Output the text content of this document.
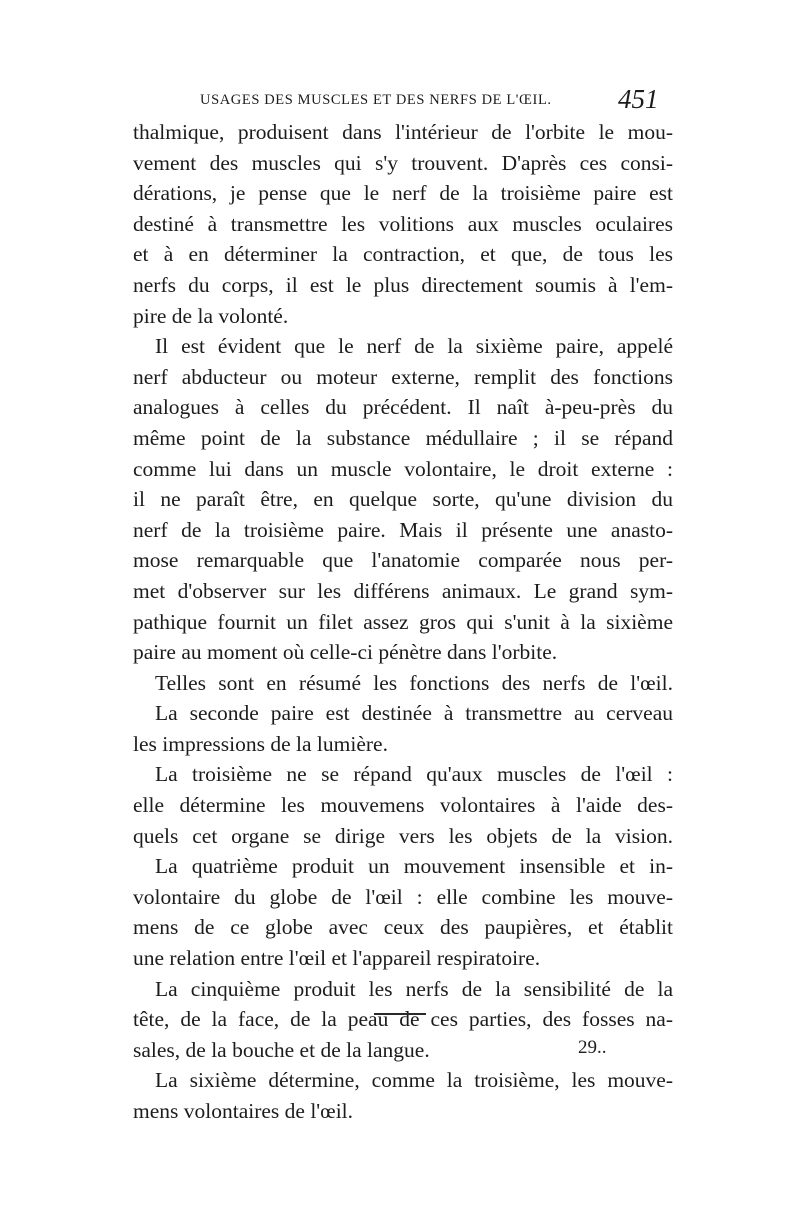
USAGES DES MUSCLES ET DES NERFS DE L'ŒIL.	451
thalmique, produisent dans l'intérieur de l'orbite le mou-
vement des muscles qui s'y trouvent. D'après ces consi-
dérations, je pense que le nerf de la troisième paire est
destiné à transmettre les volitions aux muscles oculaires
et à en déterminer la contraction, et que, de tous les
nerfs du corps, il est le plus directement soumis à l'em-
pire de la volonté.
Il est évident que le nerf de la sixième paire, appelé
nerf abducteur ou moteur externe, remplit des fonctions
analogues à celles du précédent. Il naît à-peu-près du
même point de la substance médullaire ; il se répand
comme lui dans un muscle volontaire, le droit externe :
il ne paraît être, en quelque sorte, qu'une division du
nerf de la troisième paire. Mais il présente une anasto-
mose remarquable que l'anatomie comparée nous per-
met d'observer sur les différens animaux. Le grand sym-
pathique fournit un filet assez gros qui s'unit à la sixième
paire au moment où celle-ci pénètre dans l'orbite.
Telles sont en résumé les fonctions des nerfs de l'œil.
La seconde paire est destinée à transmettre au cerveau
les impressions de la lumière.
La troisième ne se répand qu'aux muscles de l'œil :
elle détermine les mouvemens volontaires à l'aide des-
quels cet organe se dirige vers les objets de la vision.
La quatrième produit un mouvement insensible et in-
volontaire du globe de l'œil : elle combine les mouve-
mens de ce globe avec ceux des paupières, et établit
une relation entre l'œil et l'appareil respiratoire.
La cinquième produit les nerfs de la sensibilité de la
tête, de la face, de la peau de ces parties, des fosses na-
sales, de la bouche et de la langue.
La sixième détermine, comme la troisième, les mouve-
mens volontaires de l'œil.
29..
